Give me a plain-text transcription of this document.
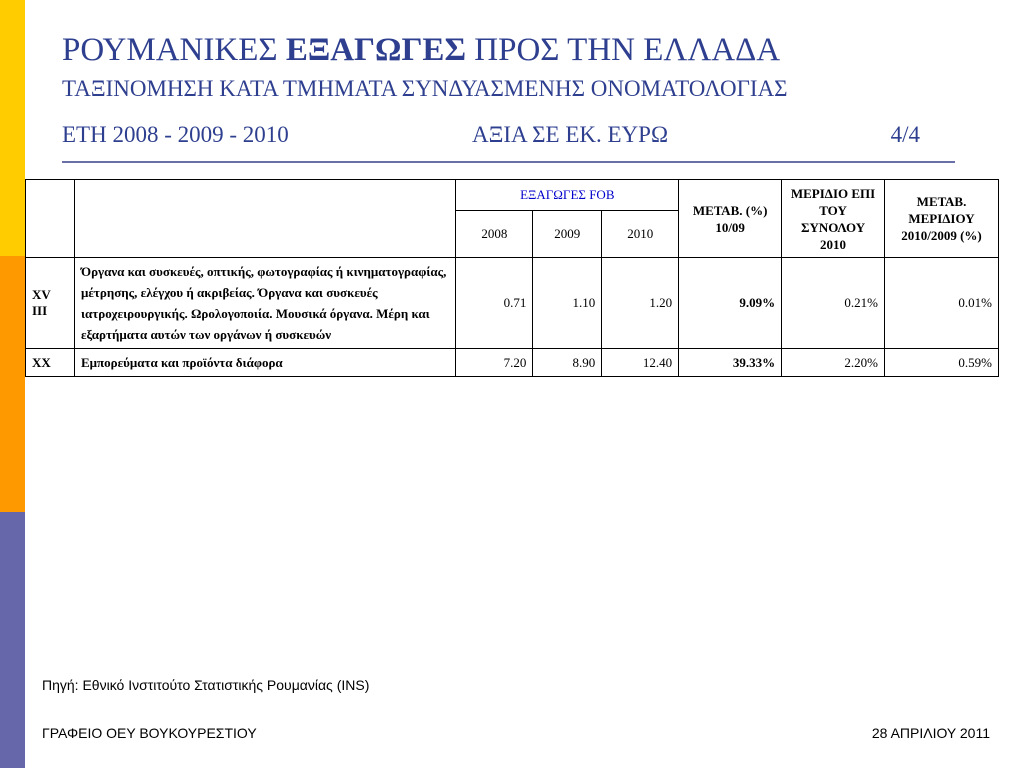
ΡΟΥΜΑΝΙΚΕΣ ΕΞΑΓΩΓΕΣ ΠΡΟΣ ΤΗΝ ΕΛΛΑΔΑ
ΤΑΞΙΝΟΜΗΣΗ ΚΑΤΑ ΤΜΗΜΑΤΑ ΣΥΝΔΥΑΣΜΕΝΗΣ ΟΝΟΜΑΤΟΛΟΓΙΑΣ
ΕΤΗ 2008 - 2009 - 2010	ΑΞΙΑ ΣΕ ΕΚ. ΕΥΡΩ	4/4
		ΕΞΑΓΩΓΕΣ FOB			ΜΕΤΑΒ. (%) 10/09	ΜΕΡΙΔΙΟ ΕΠΙ ΤΟΥ ΣΥΝΟΛΟΥ 2010	ΜΕΤΑΒ. ΜΕΡΙΔΙΟΥ 2010/2009 (%)
		2008	2009	2010			
XV III	Όργανα και συσκευές, οπτικής, φωτογραφίας ή κινηματογραφίας, μέτρησης, ελέγχου ή ακριβείας. Όργανα και συσκευές ιατροχειρουργικής. Ωρολογοποιία. Μουσικά όργανα. Μέρη και εξαρτήματα αυτών των οργάνων ή συσκευών	0.71	1.10	1.20	9.09%	0.21%	0.01%
XX	Εμπορεύματα και προϊόντα διάφορα	7.20	8.90	12.40	39.33%	2.20%	0.59%
Πηγή: Εθνικό Ινστιτούτο Στατιστικής Ρουμανίας (INS)
ΓΡΑΦΕΙΟ ΟΕΥ ΒΟΥΚΟΥΡΕΣΤΙΟΥ	28 ΑΠΡΙΛΙΟΥ 2011
